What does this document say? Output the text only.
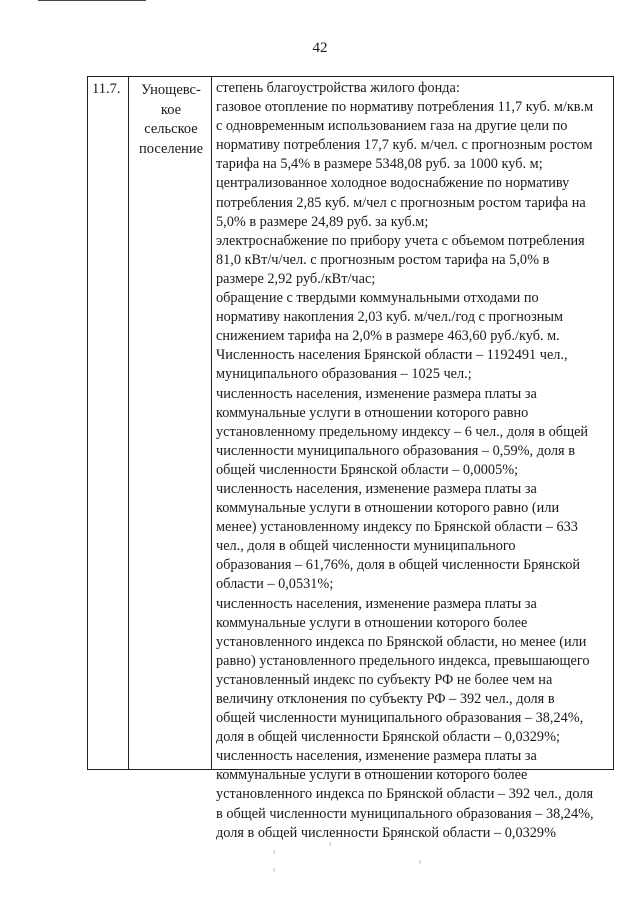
42
11.7.	Унощевс-
кое
сельское
поселение
степень благоустройства жилого фонда:
газовое отопление по нормативу потребления 11,7 куб. м/кв.м
с одновременным использованием газа на другие цели по
нормативу потребления 17,7 куб. м/чел. с прогнозным ростом
тарифа на 5,4% в размере 5348,08 руб. за 1000 куб. м;
централизованное холодное водоснабжение по нормативу
потребления 2,85 куб. м/чел с прогнозным ростом тарифа на
5,0% в размере 24,89 руб. за куб.м;
электроснабжение по прибору учета с объемом потребления
81,0 кВт/ч/чел. с прогнозным ростом тарифа на 5,0% в
размере 2,92 руб./кВт/час;
обращение с твердыми коммунальными отходами по
нормативу накопления 2,03 куб. м/чел./год с прогнозным
снижением тарифа на 2,0% в размере 463,60 руб./куб. м.
Численность населения Брянской области – 1192491 чел.,
муниципального образования – 1025 чел.;
численность населения, изменение размера платы за
коммунальные услуги в отношении которого равно
установленному предельному индексу – 6 чел., доля в общей
численности муниципального образования – 0,59%, доля в
общей численности Брянской области – 0,0005%;
численность населения, изменение размера платы за
коммунальные услуги в отношении которого равно (или
менее) установленному индексу по Брянской области – 633
чел., доля в общей численности муниципального
образования – 61,76%, доля в общей численности Брянской
области – 0,0531%;
численность населения, изменение размера платы за
коммунальные услуги в отношении которого более
установленного индекса по Брянской области, но менее (или
равно) установленного предельного индекса, превышающего
установленный индекс по субъекту РФ не более чем на
величину отклонения по субъекту РФ – 392 чел., доля в
общей численности муниципального образования – 38,24%,
доля в общей численности Брянской области – 0,0329%;
численность населения, изменение размера платы за
коммунальные услуги в отношении которого более
установленного индекса по Брянской области – 392 чел., доля
в общей численности муниципального образования – 38,24%,
доля в общей численности Брянской области – 0,0329%
